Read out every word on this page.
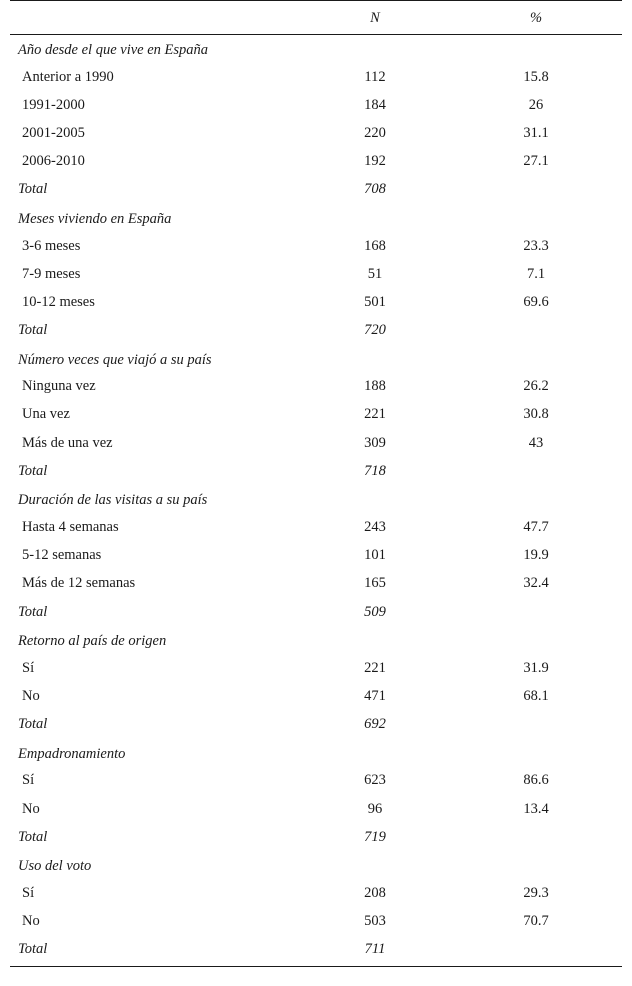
	N	%
Año desde el que vive en España		
Anterior a 1990	112	15.8
1991-2000	184	26
2001-2005	220	31.1
2006-2010	192	27.1
Total	708	
Meses viviendo en España		
3-6 meses	168	23.3
7-9 meses	51	7.1
10-12 meses	501	69.6
Total	720	
Número veces que viajó a su país		
Ninguna vez	188	26.2
Una vez	221	30.8
Más de una vez	309	43
Total	718	
Duración de las visitas a su país		
Hasta 4 semanas	243	47.7
5-12 semanas	101	19.9
Más de 12 semanas	165	32.4
Total	509	
Retorno al país de origen		
Sí	221	31.9
No	471	68.1
Total	692	
Empadronamiento		
Sí	623	86.6
No	96	13.4
Total	719	
Uso del voto		
Sí	208	29.3
No	503	70.7
Total	711	
